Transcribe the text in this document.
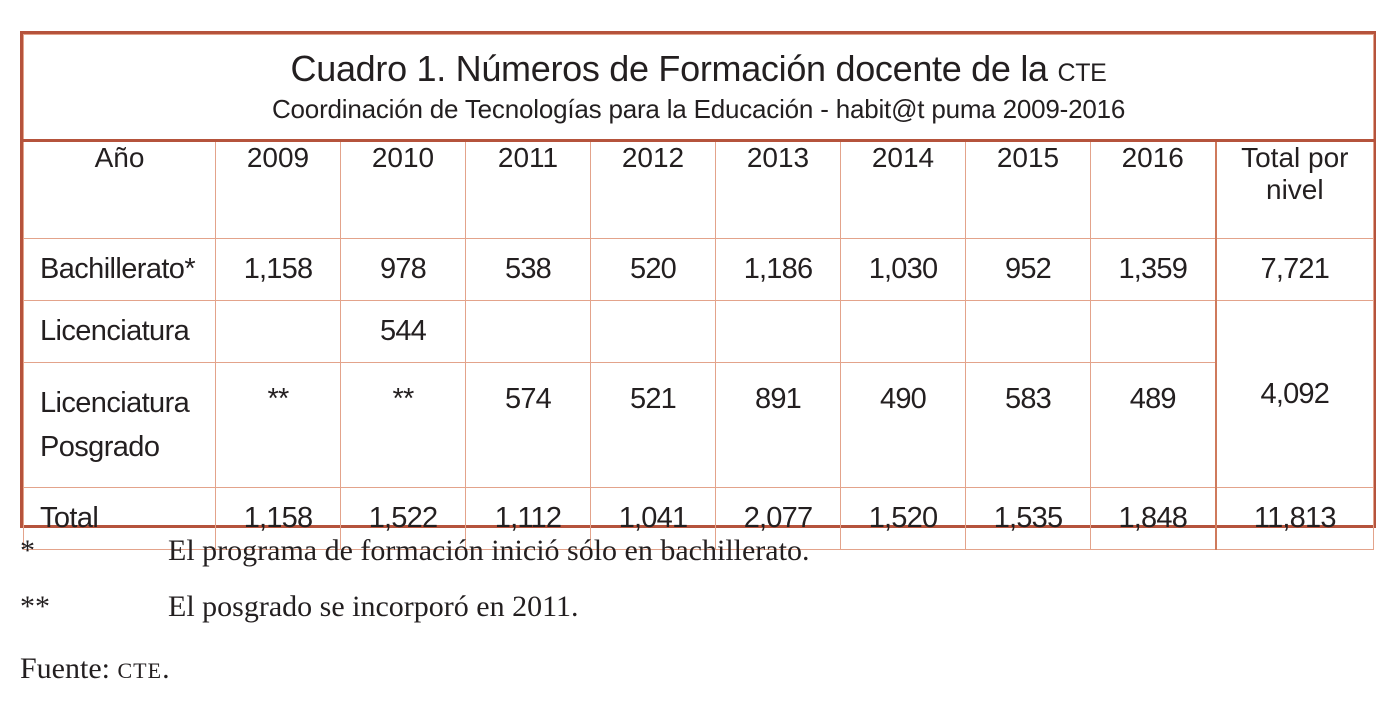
Cuadro 1. Números de Formación docente de la CTE
Coordinación de Tecnologías para la Educación - habit@t puma 2009-2016									

Año	2009	2010	2011	2012	2013	2014	2015	2016	Total por
nivel

Bachillerato*	1,158	978	538	520	1,186	1,030	952	1,359	7,721
Licenciatura		544							4,092

Licenciatura
Posgrado	**	**	574	521	891	490	583	489	
Total	1,158	1,522	1,112	1,041	2,077	1,520	1,535	1,848	11,813
*	El programa de formación inició sólo en bachillerato.
**	El posgrado se incorporó en 2011.
Fuente: CTE.
